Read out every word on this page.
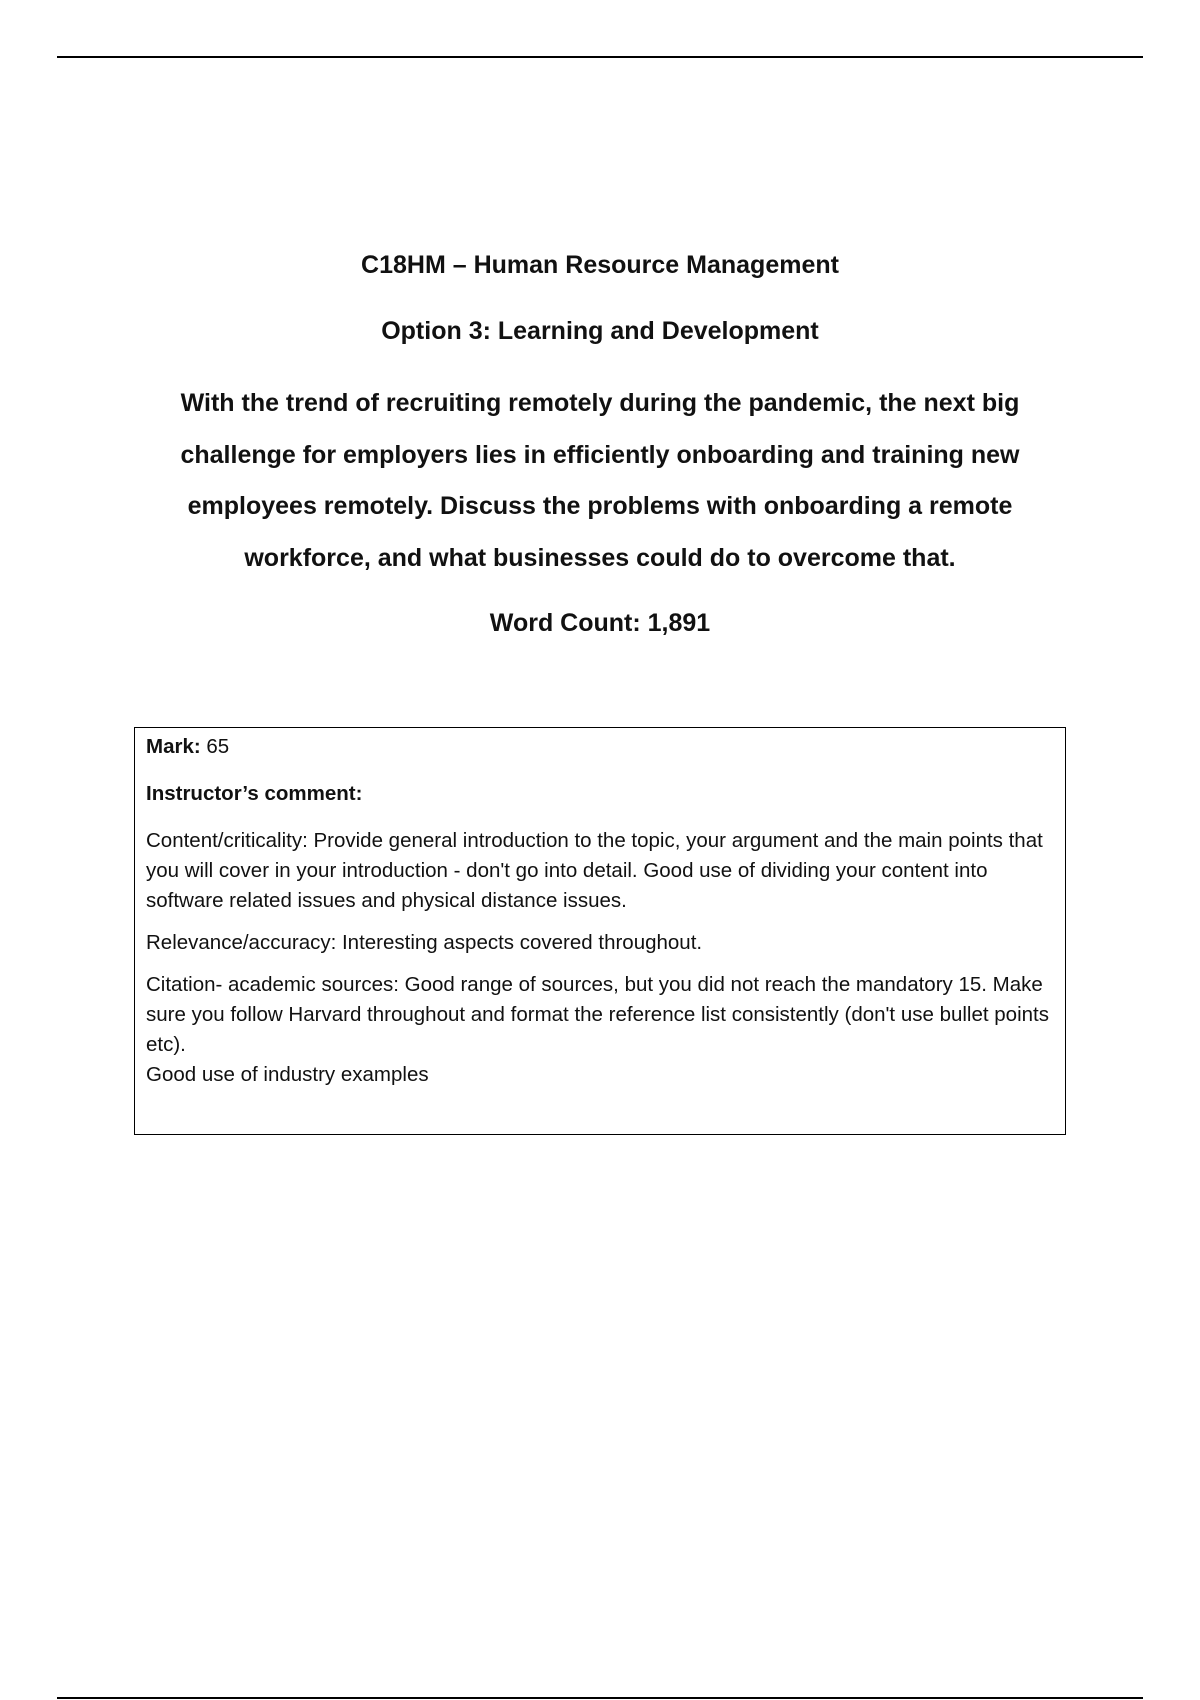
C18HM – Human Resource Management

Option 3: Learning and Development

With the trend of recruiting remotely during the pandemic, the next big challenge for employers lies in efficiently onboarding and training new employees remotely. Discuss the problems with onboarding a remote workforce, and what businesses could do to overcome that.

Word Count: 1,891

Mark: 65

Instructor’s comment:

Content/criticality: Provide general introduction to the topic, your argument and the main points that you will cover in your introduction - don't go into detail. Good use of dividing your content into software related issues and physical distance issues.

Relevance/accuracy: Interesting aspects covered throughout.

Citation- academic sources: Good range of sources, but you did not reach the mandatory 15. Make sure you follow Harvard throughout and format the reference list consistently (don't use bullet points etc).

Good use of industry examples
